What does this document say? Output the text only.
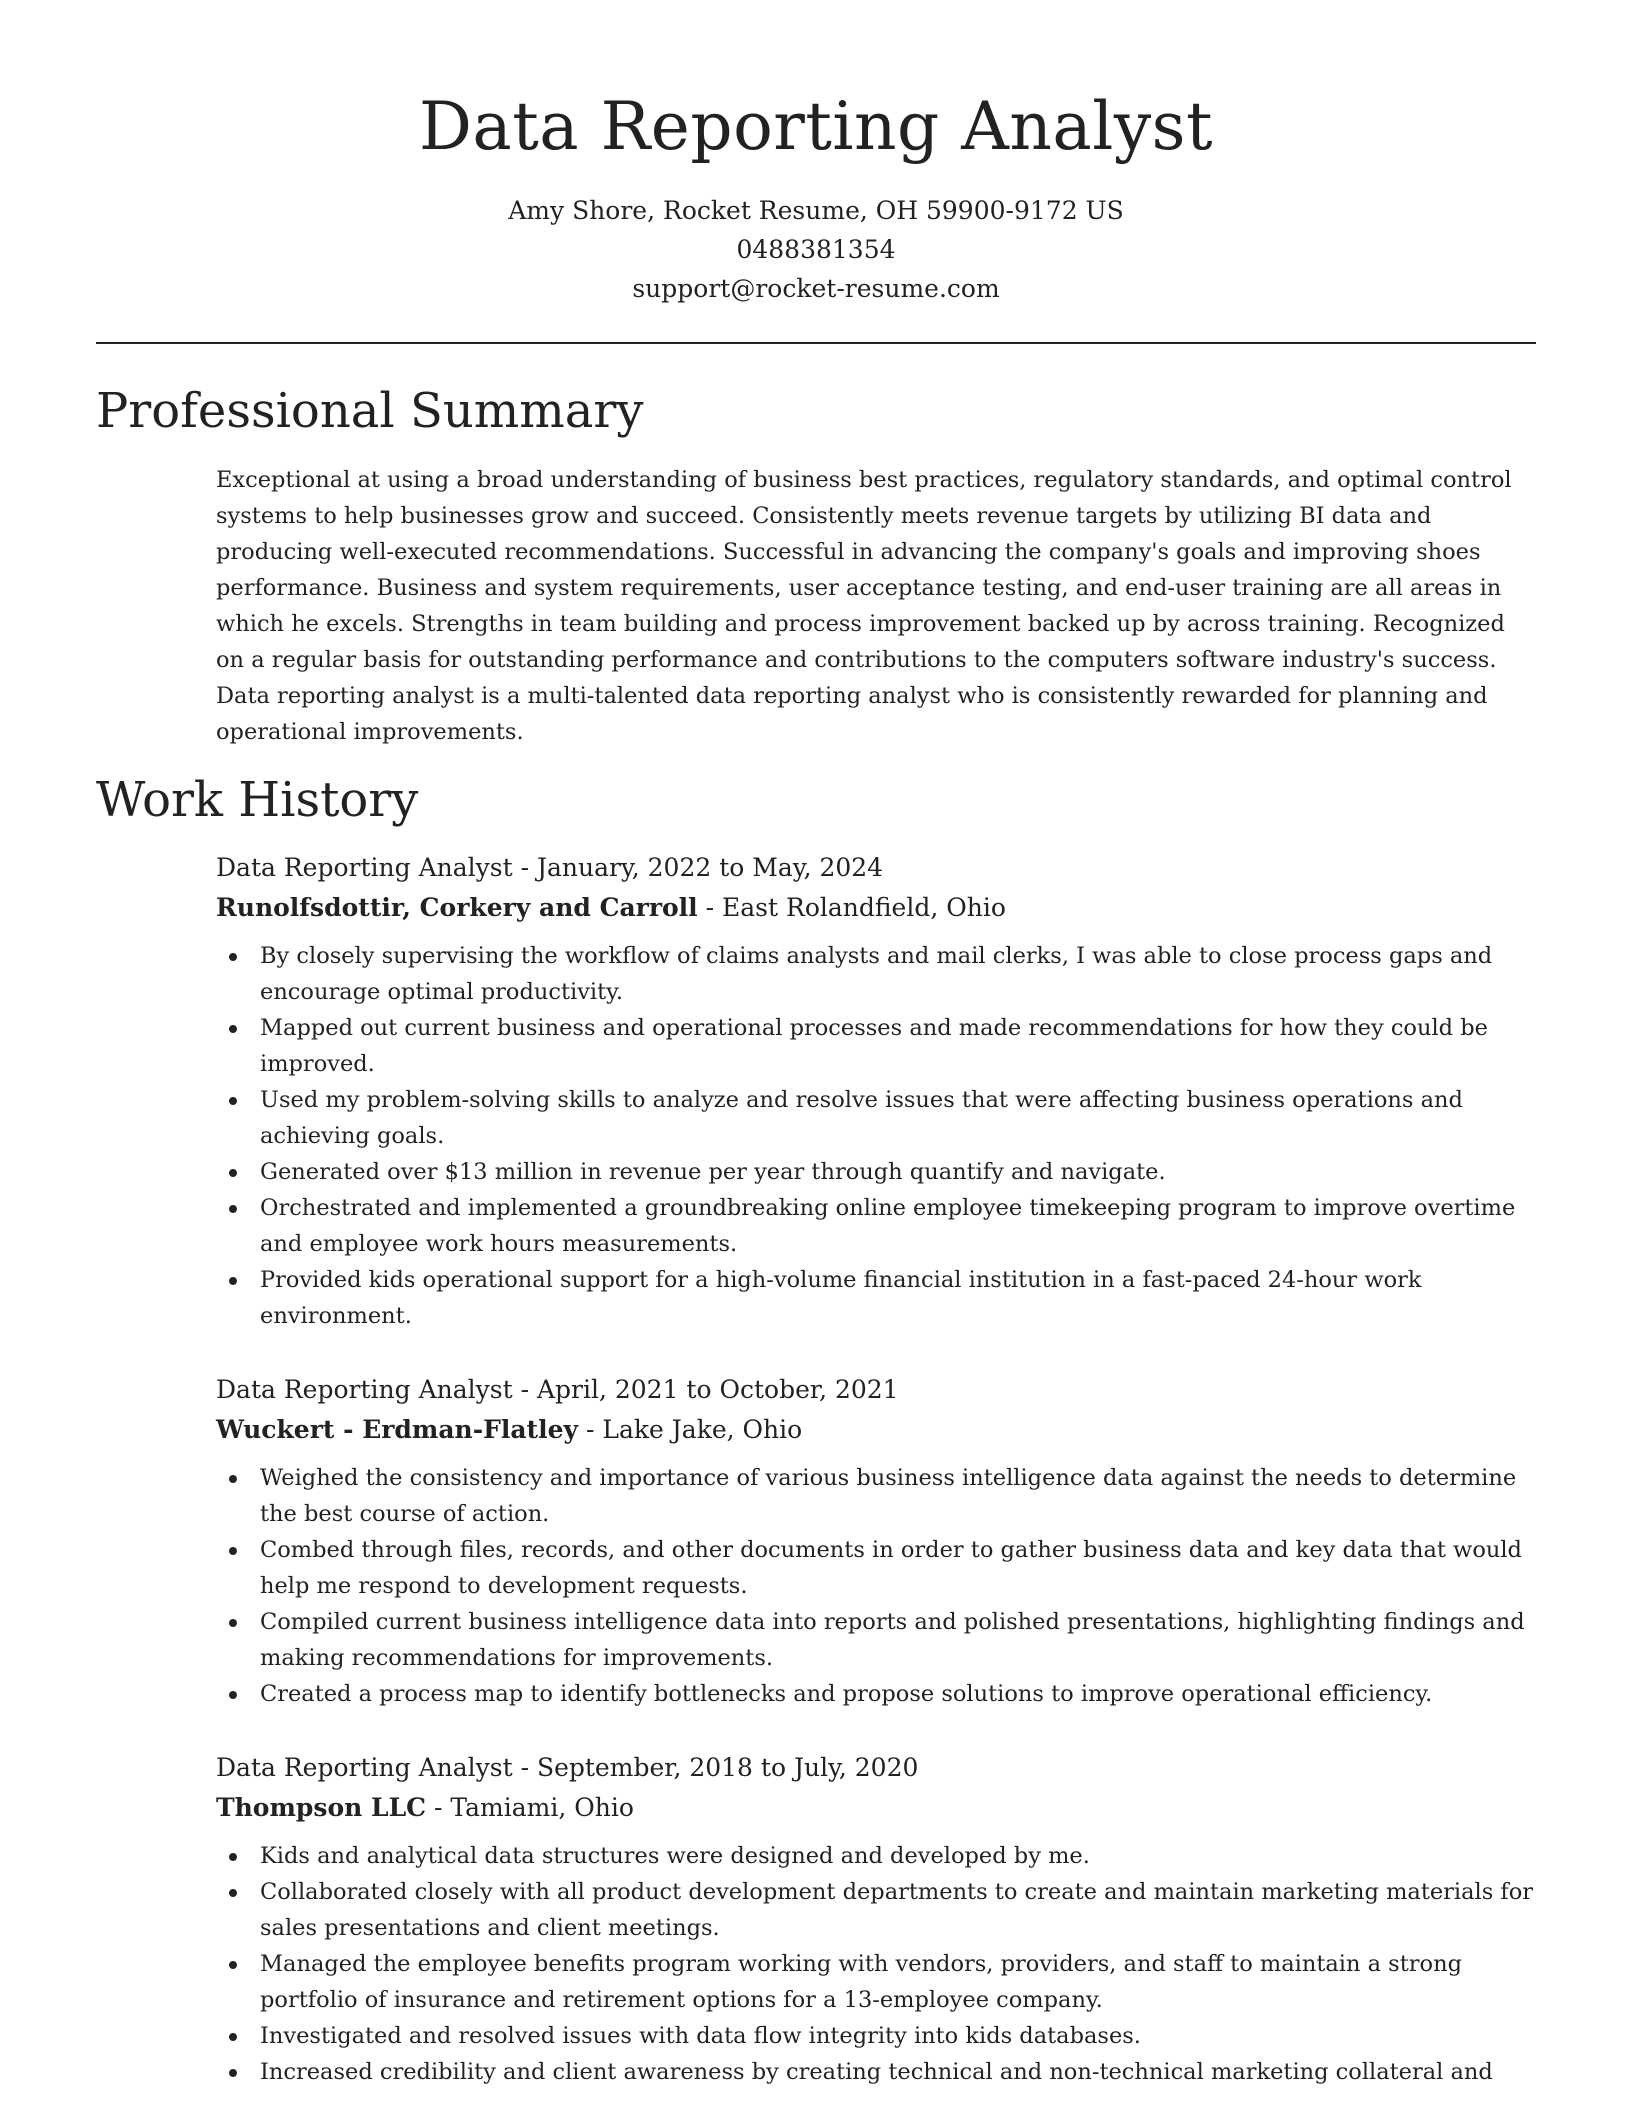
Data Reporting Analyst
Amy Shore, Rocket Resume, OH 59900-9172 US
0488381354
support@rocket-resume.com
Professional Summary

Exceptional at using a broad understanding of business best practices, regulatory standards, and optimal control systems to help businesses grow and succeed. Consistently meets revenue targets by utilizing BI data and producing well-executed recommendations. Successful in advancing the company's goals and improving shoes performance. Business and system requirements, user acceptance testing, and end-user training are all areas in which he excels. Strengths in team building and process improvement backed up by across training. Recognized on a regular basis for outstanding performance and contributions to the computers software industry's success. Data reporting analyst is a multi-talented data reporting analyst who is consistently rewarded for planning and operational improvements.

Work History
Data Reporting Analyst - January, 2022 to May, 2024
Runolfsdottir, Corkery and Carroll - East Rolandfield, Ohio
By closely supervising the workflow of claims analysts and mail clerks, I was able to close process gaps and encourage optimal productivity.
Mapped out current business and operational processes and made recommendations for how they could be improved.
Used my problem-solving skills to analyze and resolve issues that were affecting business operations and achieving goals.
Generated over $13 million in revenue per year through quantify and navigate.
Orchestrated and implemented a groundbreaking online employee timekeeping program to improve overtime and employee work hours measurements.
Provided kids operational support for a high-volume financial institution in a fast-paced 24-hour work environment.
Data Reporting Analyst - April, 2021 to October, 2021
Wuckert - Erdman-Flatley - Lake Jake, Ohio
Weighed the consistency and importance of various business intelligence data against the needs to determine the best course of action.
Combed through files, records, and other documents in order to gather business data and key data that would help me respond to development requests.
Compiled current business intelligence data into reports and polished presentations, highlighting findings and making recommendations for improvements.
Created a process map to identify bottlenecks and propose solutions to improve operational efficiency.
Data Reporting Analyst - September, 2018 to July, 2020
Thompson LLC - Tamiami, Ohio
Kids and analytical data structures were designed and developed by me.
Collaborated closely with all product development departments to create and maintain marketing materials for sales presentations and client meetings.
Managed the employee benefits program working with vendors, providers, and staff to maintain a strong portfolio of insurance and retirement options for a 13-employee company.
Investigated and resolved issues with data flow integrity into kids databases.
Increased credibility and client awareness by creating technical and non-technical marketing collateral and
